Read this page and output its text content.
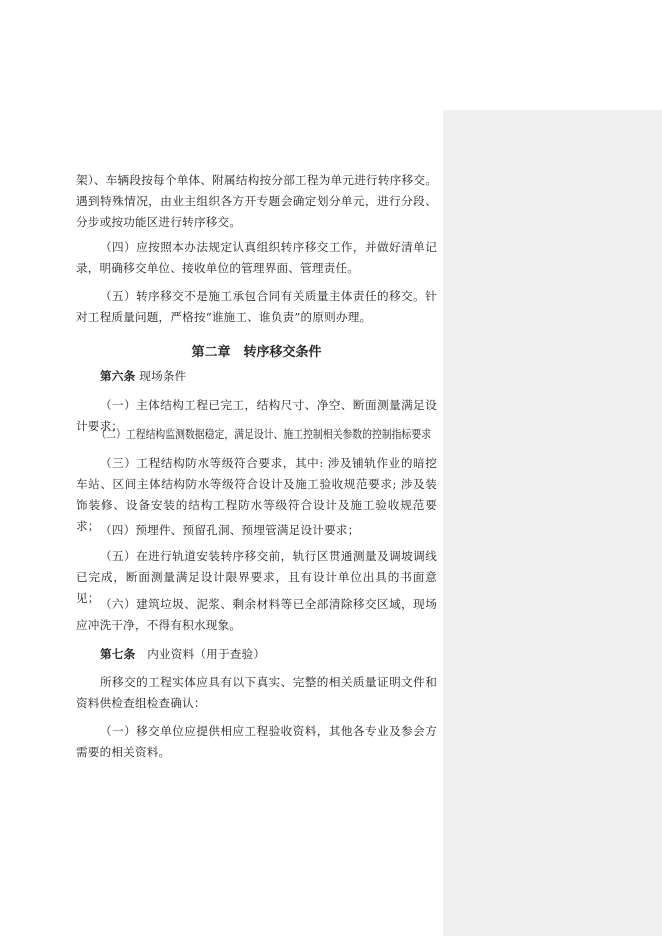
架）、车辆段按每个单体、附属结构按分部工程为单元进行转序移交。遇到特殊情况，由业主组织各方开专题会确定划分单元，进行分段、分步或按功能区进行转序移交。
（四）应按照本办法规定认真组织转序移交工作，并做好清单记录，明确移交单位、接收单位的管理界面、管理责任。
（五）转序移交不是施工承包合同有关质量主体责任的移交。针对工程质量问题，严格按“谁施工、谁负责”的原则办理。
第二章　转序移交条件
第六条 现场条件
（一）主体结构工程已完工，结构尺寸、净空、断面测量满足设计要求；
（二）工程结构监测数据稳定，满足设计、施工控制相关参数的控制指标要求
（三）工程结构防水等级符合要求，其中: 涉及铺轨作业的暗挖车站、区间主体结构防水等级符合设计及施工验收规范要求; 涉及装饰装修、设备安装的结构工程防水等级符合设计及施工验收规范要求； （四）预埋件、预留孔洞、预埋管满足设计要求；
（五）在进行轨道安装转序移交前，轨行区贯通测量及调坡调线已完成，断面测量满足设计限界要求，且有设计单位出具的书面意见； （六）建筑垃圾、泥浆、剩余材料等已全部清除移交区域，现场应冲洗干净，不得有积水现象。
第七条　 内业资料（用于查验）
所移交的工程实体应具有以下真实、完整的相关质量证明文件和资料供检查组检查确认：
（一）移交单位应提供相应工程验收资料，其他各专业及参会方需要的相关资料。
